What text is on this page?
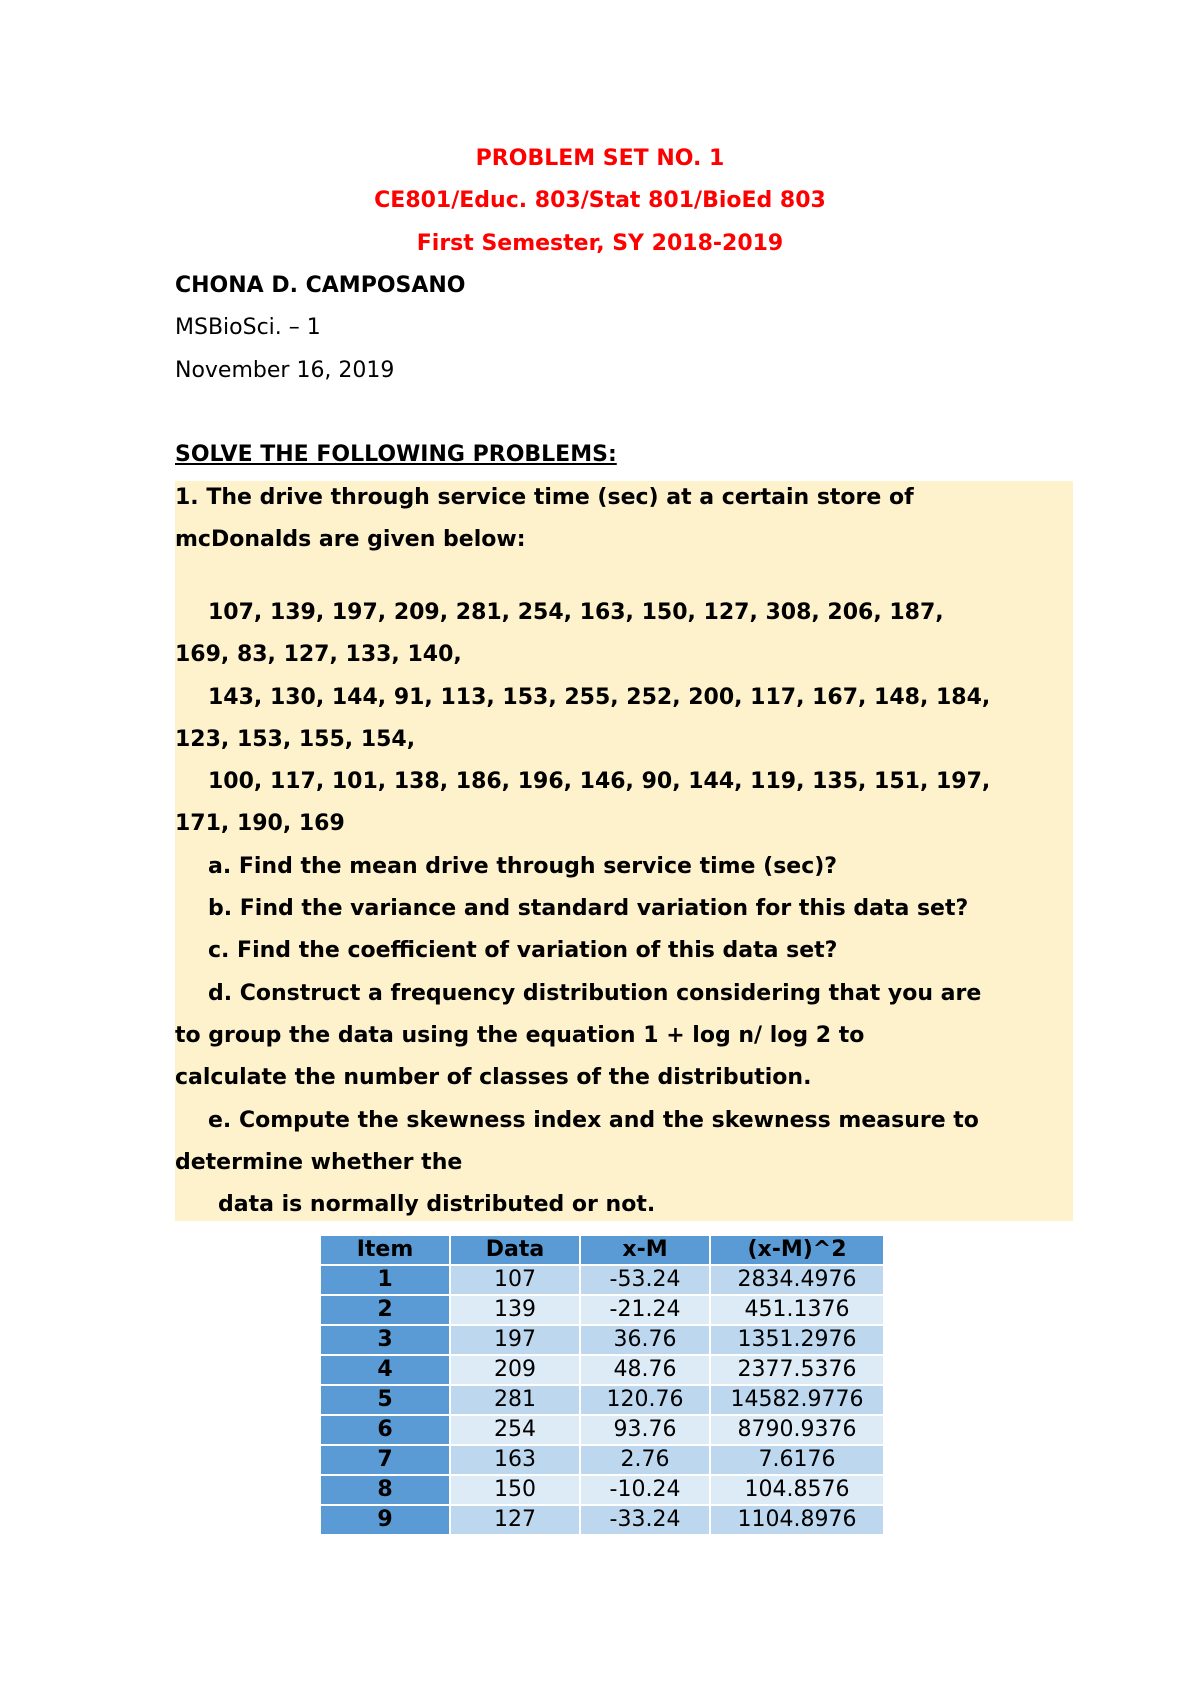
PROBLEM SET NO. 1
CE801/Educ. 803/Stat 801/BioEd 803
First Semester, SY 2018-2019
CHONA D. CAMPOSANO
MSBioSci. – 1
November 16, 2019
SOLVE THE FOLLOWING PROBLEMS:
1. The drive through service time (sec) at a certain store of
mcDonalds are given below:
107, 139, 197, 209, 281, 254, 163, 150, 127, 308, 206, 187,
169, 83, 127, 133, 140,
143, 130, 144, 91, 113, 153, 255, 252, 200, 117, 167, 148, 184,
123, 153, 155, 154,
100, 117, 101, 138, 186, 196, 146, 90, 144, 119, 135, 151, 197,
171, 190, 169
a. Find the mean drive through service time (sec)?
b. Find the variance and standard variation for this data set?
c. Find the coefficient of variation of this data set?
d. Construct a frequency distribution considering that you are
to group the data using the equation 1 + log n/ log 2 to
calculate the number of classes of the distribution.
e. Compute the skewness index and the skewness measure to
determine whether the
data is normally distributed or not.
Item	Data	x-M	(x-M)^2
1	107	-53.24	2834.4976
2	139	-21.24	451.1376
3	197	36.76	1351.2976
4	209	48.76	2377.5376
5	281	120.76	14582.9776
6	254	93.76	8790.9376
7	163	2.76	7.6176
8	150	-10.24	104.8576
9	127	-33.24	1104.8976
